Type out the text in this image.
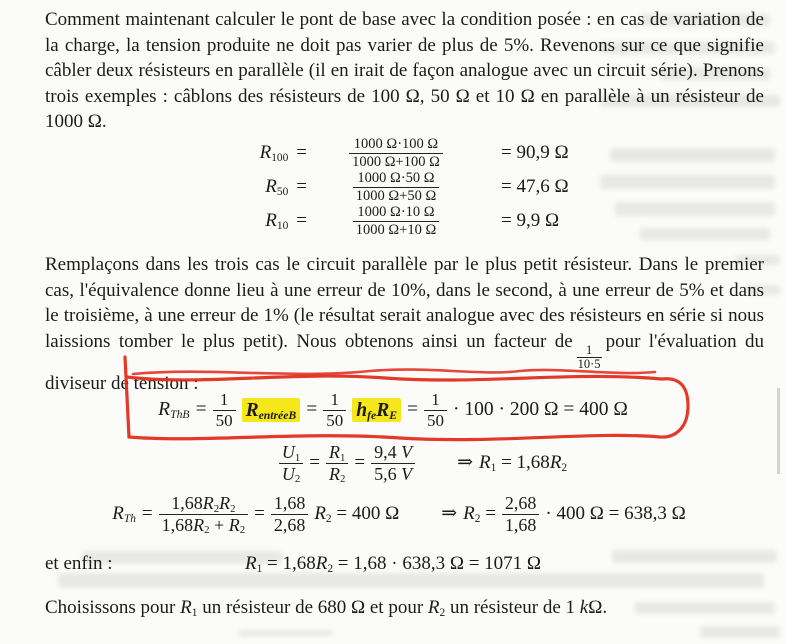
Comment maintenant calculer le pont de base avec la condition posée : en cas de variation de la charge, la tension produite ne doit pas varier de plus de 5%. Revenons sur ce que signifie câbler deux résisteurs en parallèle (il en irait de façon analogue avec un circuit série). Prenons trois exemples : câblons des résisteurs de 100 Ω, 50 Ω et 10 Ω en parallèle à un résisteur de 1000 Ω.

R100 =	$\frac{1000 \Omega\cdot 100 \Omega}{1000 \Omega+100 \Omega}$	= 90,9 Ω
R50 =	$\frac{1000 \Omega\cdot 50 \Omega}{1000 \Omega+50 \Omega}$	= 47,6 Ω
R10 =	$\frac{1000 \Omega\cdot 10 \Omega}{1000 \Omega+10 \Omega}$	= 9,9 Ω

Remplaçons dans les trois cas le circuit parallèle par le plus petit résisteur. Dans le premier cas, l'équivalence donne lieu à une erreur de 10%, dans le second, à une erreur de 5% et dans le troisième, à une erreur de 1% (le résultat serait analogue avec des résisteurs en série si nous laissions tomber le plus petit). Nous obtenons ainsi un facteur de
$\frac{1}{10\cdot 5}$
pour l'évaluation du diviseur de tension :

RThB = $\frac{1}{50}$ RentréeB = $\frac{1}{50}$ hfeRE = $\frac{1}{50} \cdot 100 \cdot 200$ Ω = 400 Ω
$\frac{U1}{U2} = \frac{R1}{R2} = \frac{9,4 V}{5,6 V}$ ⇒ R1 = 1,68R2
RTh = $\frac{1,68R2R2}{1,68R2 + R2} = \frac{1,68}{2,68} R2 = 400$ Ω ⇒ $R2 = \frac{2,68}{1,68} \cdot 400$ Ω = 638,3 Ω
et enfin :	R1 = 1,68R2 = 1,68 · 638,3 Ω = 1071 Ω

Choisissons pour R1 un résisteur de 680 Ω et pour R2 un résisteur de 1 kΩ.
